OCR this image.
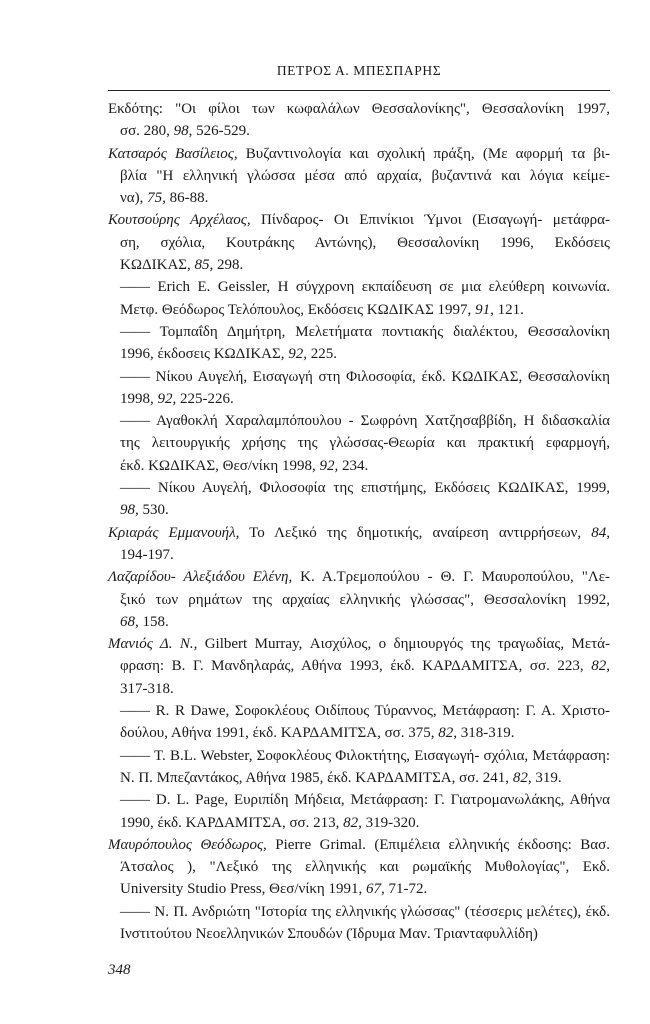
ΠΕΤΡΟΣ Α. ΜΠΕΣΠΑΡΗΣ
Εκδότης: "Οι φίλοι των κωφαλάλων Θεσσαλονίκης", Θεσσαλονίκη 1997,
σσ. 280, 98, 526-529.
Κατσαρός Βασίλειος, Βυζαντινολογία και σχολική πράξη, (Με αφορμή τα βι-
βλία "Η ελληνική γλώσσα μέσα από αρχαία, βυζαντινά και λόγια κείμε-
να), 75, 86-88.
Κουτσούρης Αρχέλαος, Πίνδαρος- Οι Επινίκιοι Ύμνοι (Εισαγωγή- μετάφρα-
ση, σχόλια, Κουτράκης Αντώνης), Θεσσαλονίκη 1996, Εκδόσεις
ΚΩΔΙΚΑΣ, 85, 298.
—— Erich E. Geissler, Η σύγχρονη εκπαίδευση σε μια ελεύθερη κοινωνία.
Μετφ. Θεόδωρος Τελόπουλος, Εκδόσεις ΚΩΔΙΚΑΣ 1997, 91, 121.
—— Τομπαΐδη Δημήτρη, Μελετήματα ποντιακής διαλέκτου, Θεσσαλονίκη
1996, έκδοσεις ΚΩΔΙΚΑΣ, 92, 225.
—— Νίκου Αυγελή, Εισαγωγή στη Φιλοσοφία, έκδ. ΚΩΔΙΚΑΣ, Θεσσαλονίκη
1998, 92, 225-226.
—— Αγαθοκλή Χαραλαμπόπουλου - Σωφρόνη Χατζησαββίδη, Η διδασκαλία
της λειτουργικής χρήσης της γλώσσας-Θεωρία και πρακτική εφαρμογή,
έκδ. ΚΩΔΙΚΑΣ, Θεσ/νίκη 1998, 92, 234.
—— Νίκου Αυγελή, Φιλοσοφία της επιστήμης, Εκδόσεις ΚΩΔΙΚΑΣ, 1999,
98, 530.
Κριαράς Εμμανουήλ, Το Λεξικό της δημοτικής, αναίρεση αντιρρήσεων, 84,
194-197.
Λαζαρίδου- Αλεξιάδου Ελένη, Κ. Α.Τρεμοπούλου - Θ. Γ. Μαυροπούλου, "Λε-
ξικό των ρημάτων της αρχαίας ελληνικής γλώσσας", Θεσσαλονίκη 1992,
68, 158.
Μανιός Δ. Ν., Gilbert Murray, Αισχύλος, ο δημιουργός της τραγωδίας, Μετά-
φραση: Β. Γ. Μανδηλαράς, Αθήνα 1993, έκδ. ΚΑΡΔΑΜΙΤΣΑ, σσ. 223, 82,
317-318.
—— R. R Dawe, Σοφοκλέους Οιδίπους Τύραννος, Μετάφραση: Γ. Α. Χριστο-
δούλου, Αθήνα 1991, έκδ. ΚΑΡΔΑΜΙΤΣΑ, σσ. 375, 82, 318-319.
—— T. B.L. Webster, Σοφοκλέους Φιλοκτήτης, Εισαγωγή- σχόλια, Μετάφραση:
Ν. Π. Μπεζαντάκος, Αθήνα 1985, έκδ. ΚΑΡΔΑΜΙΤΣΑ, σσ. 241, 82, 319.
—— D. L. Page, Ευριπίδη Μήδεια, Μετάφραση: Γ. Γιατρομανωλάκης, Αθήνα
1990, έκδ. ΚΑΡΔΑΜΙΤΣΑ, σσ. 213, 82, 319-320.
Μαυρόπουλος Θεόδωρος, Pierre Grimal. (Επιμέλεια ελληνικής έκδοσης: Βασ.
Άτσαλος ), "Λεξικό της ελληνικής και ρωμαϊκής Μυθολογίας", Εκδ.
University Studio Press, Θεσ/νίκη 1991, 67, 71-72.
—— Ν. Π. Ανδριώτη "Ιστορία της ελληνικής γλώσσας" (τέσσερις μελέτες), έκδ.
Ινστιτούτου Νεοελληνικών Σπουδών (Ίδρυμα Μαν. Τριανταφυλλίδη)
348
